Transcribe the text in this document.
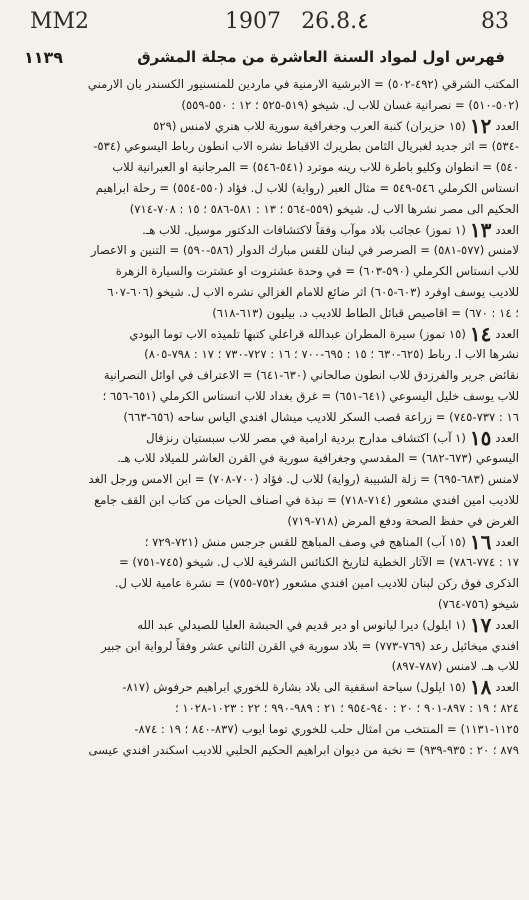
83
26.8.٤
1907
MM2
١١٣٩	فهرس اول لمواد السنة العاشرة من مجلة المشرق
المكتب الشرقي (٤٩٢-٥٠٢) = الابرشية الارمنية في ماردين للمنسنيور الكسندر بان الارمني
(٥٠٢-٥١٠) = نصرانية غسان للاب ل. شيخو (٥١٩-٥٢٥ ؛ ١٢ : ٥٥٠-٥٥٩)
العدد١٢(١٥ حزيران) كنبة العرب وجغرافية سورية للاب هنري لامنس (٥٢٩
-٥٣٤) = اثر جديد لغبريال الثامن بطريرك الاقباط نشره الاب انطون رباط اليسوعي (٥٣٤-
٥٤٠) = انطوان وكليو باطرة للاب رينه موترد (٥٤١-٥٤٦) = المرجانية او العبرانية للاب
انستاس الكرملي ٥٤٦-٥٤٩ = مثال العبر (رواية) للاب ل. فؤاد (٥٥٠-٥٥٤) = رحلة ابراهيم
الحكيم الى مصر نشرها الاب ل. شيخو (٥٥٩-٥٦٤ ؛ ١٣ : ٥٨١-٥٨٦ ؛ ١٥ : ٧٠٨-٧١٤)
العدد١٣(١ تموز) عجائب بلاد موآب وفقاً لاكتشافات الدكتور موسيل. للاب هـ.
لامنس (٥٧٧-٥٨١) = الصرصر في لبنان للقس مبارك الدوار (٥٨٦-٥٩٠) = التنين و الاعصار
للاب انستاس الكرملي (٥٩٠-٦٠٣) = في وحدة عشتروت او عشترت والسيارة الزهرة
للاديب يوسف اوفرد (٦٠٣-٦٠٥) اثر ضائع للامام الغزالي نشره الاب ل. شيخو (٦٠٦-٦٠٧
؛ ١٤ : ٦٧٠) = اقاصيص قبائل الطاط للاديب د. بيليون (٦١٣-٦١٨)
العدد١٤(١٥ تموز) سيرة المطران عبدالله قراعلي كتبها تلميذه الاب توما البودي
نشرها الاب ا. رباط (٦٢٥-٦٣٠ ؛ ١٥ : ٦٩٥-٧٠٠ ؛ ١٦ : ٧٢٧-٧٣٠ ؛ ١٧ : ٧٩٨-٨٠٥)
نقائض جرير والفرزدق للاب انطون صالحاني (٦٣٠-٦٤١) = الاعتراف في اوائل النصرانية
للاب يوسف خليل اليسوعي (٦٤١-٦٥١) = غرق بغداد للاب انستاس الكرملي (٦٥١-٦٥٦ ؛
١٦ : ٧٣٧-٧٤٥) = زراعة قصب السكر للاديب ميشال افندي الياس ساحه (٦٥٦-٦٦٣)
العدد١٥(١ آب) اكتشاف مدارج بردية ارامية في مصر للاب سبستيان رنزفال
اليسوعي (٦٧٣-٦٨٢) = المقدسي وجغرافية سورية في القرن العاشر للميلاد للاب هـ.
لامنس (٦٨٣-٦٩٥) = زلة الشبيبة (رواية) للاب ل. فؤاد (٧٠٠-٧٠٨) = ابن الامس ورجل الغد
للاديب امين افندي مشعور (٧١٤-٧١٨) = نبذة في اصناف الحيات من كتاب ابن القف جامع
الغرض في حفظ الصحة ودفع المرض (٧١٨-٧١٩)
العدد١٦(١٥ آب) المناهج في وصف المباهج للقس جرجس منش (٧٢١-٧٢٩ ؛
١٧ : ٧٧٤-٧٨٦) = الآثار الخطية لتاريخ الكنائس الشرقية للاب ل. شيخو (٧٤٥-٧٥١) =
الذكرى فوق ركن لبنان للاديب امين افندي مشعور (٧٥٢-٧٥٥) = نشرة عامية للاب ل.
شيخو (٧٥٦-٧٦٤)
العدد١٧(١ ايلول) ديرا ليانوس او دير قديم في الحبشة العليا للصيدلي عبد الله
افندي ميخائيل رعد (٧٦٩-٧٧٣) = بلاد سورية في القرن الثاني عشر وفقاً لرواية ابن جبير
للاب هـ. لامنس (٧٨٧-٨٩٧)
العدد١٨(١٥ ايلول) سياحة اسقفية الى بلاد بشارة للخوري ابراهيم حرفوش (٨١٧-
٨٢٤ ؛ ١٩ : ٨٩٧-٩٠١ ؛ ٢٠ : ٩٤٠-٩٥٤ ؛ ٢١ : ٩٨٩-٩٩٠ ؛ ٢٢ : ١٠٢٣-١٠٢٨ ؛
١١٢٥-١١٣١) = المنتخب من امثال حلب للخوري توما ايوب (٨٣٧-٨٤٠ ؛ ١٩ : ٨٧٤-
٨٧٩ ؛ ٢٠ : ٩٣٥-٩٣٩) = نخبة من ديوان ابراهيم الحكيم الحلبي للاديب اسكندر افندي عيسى
